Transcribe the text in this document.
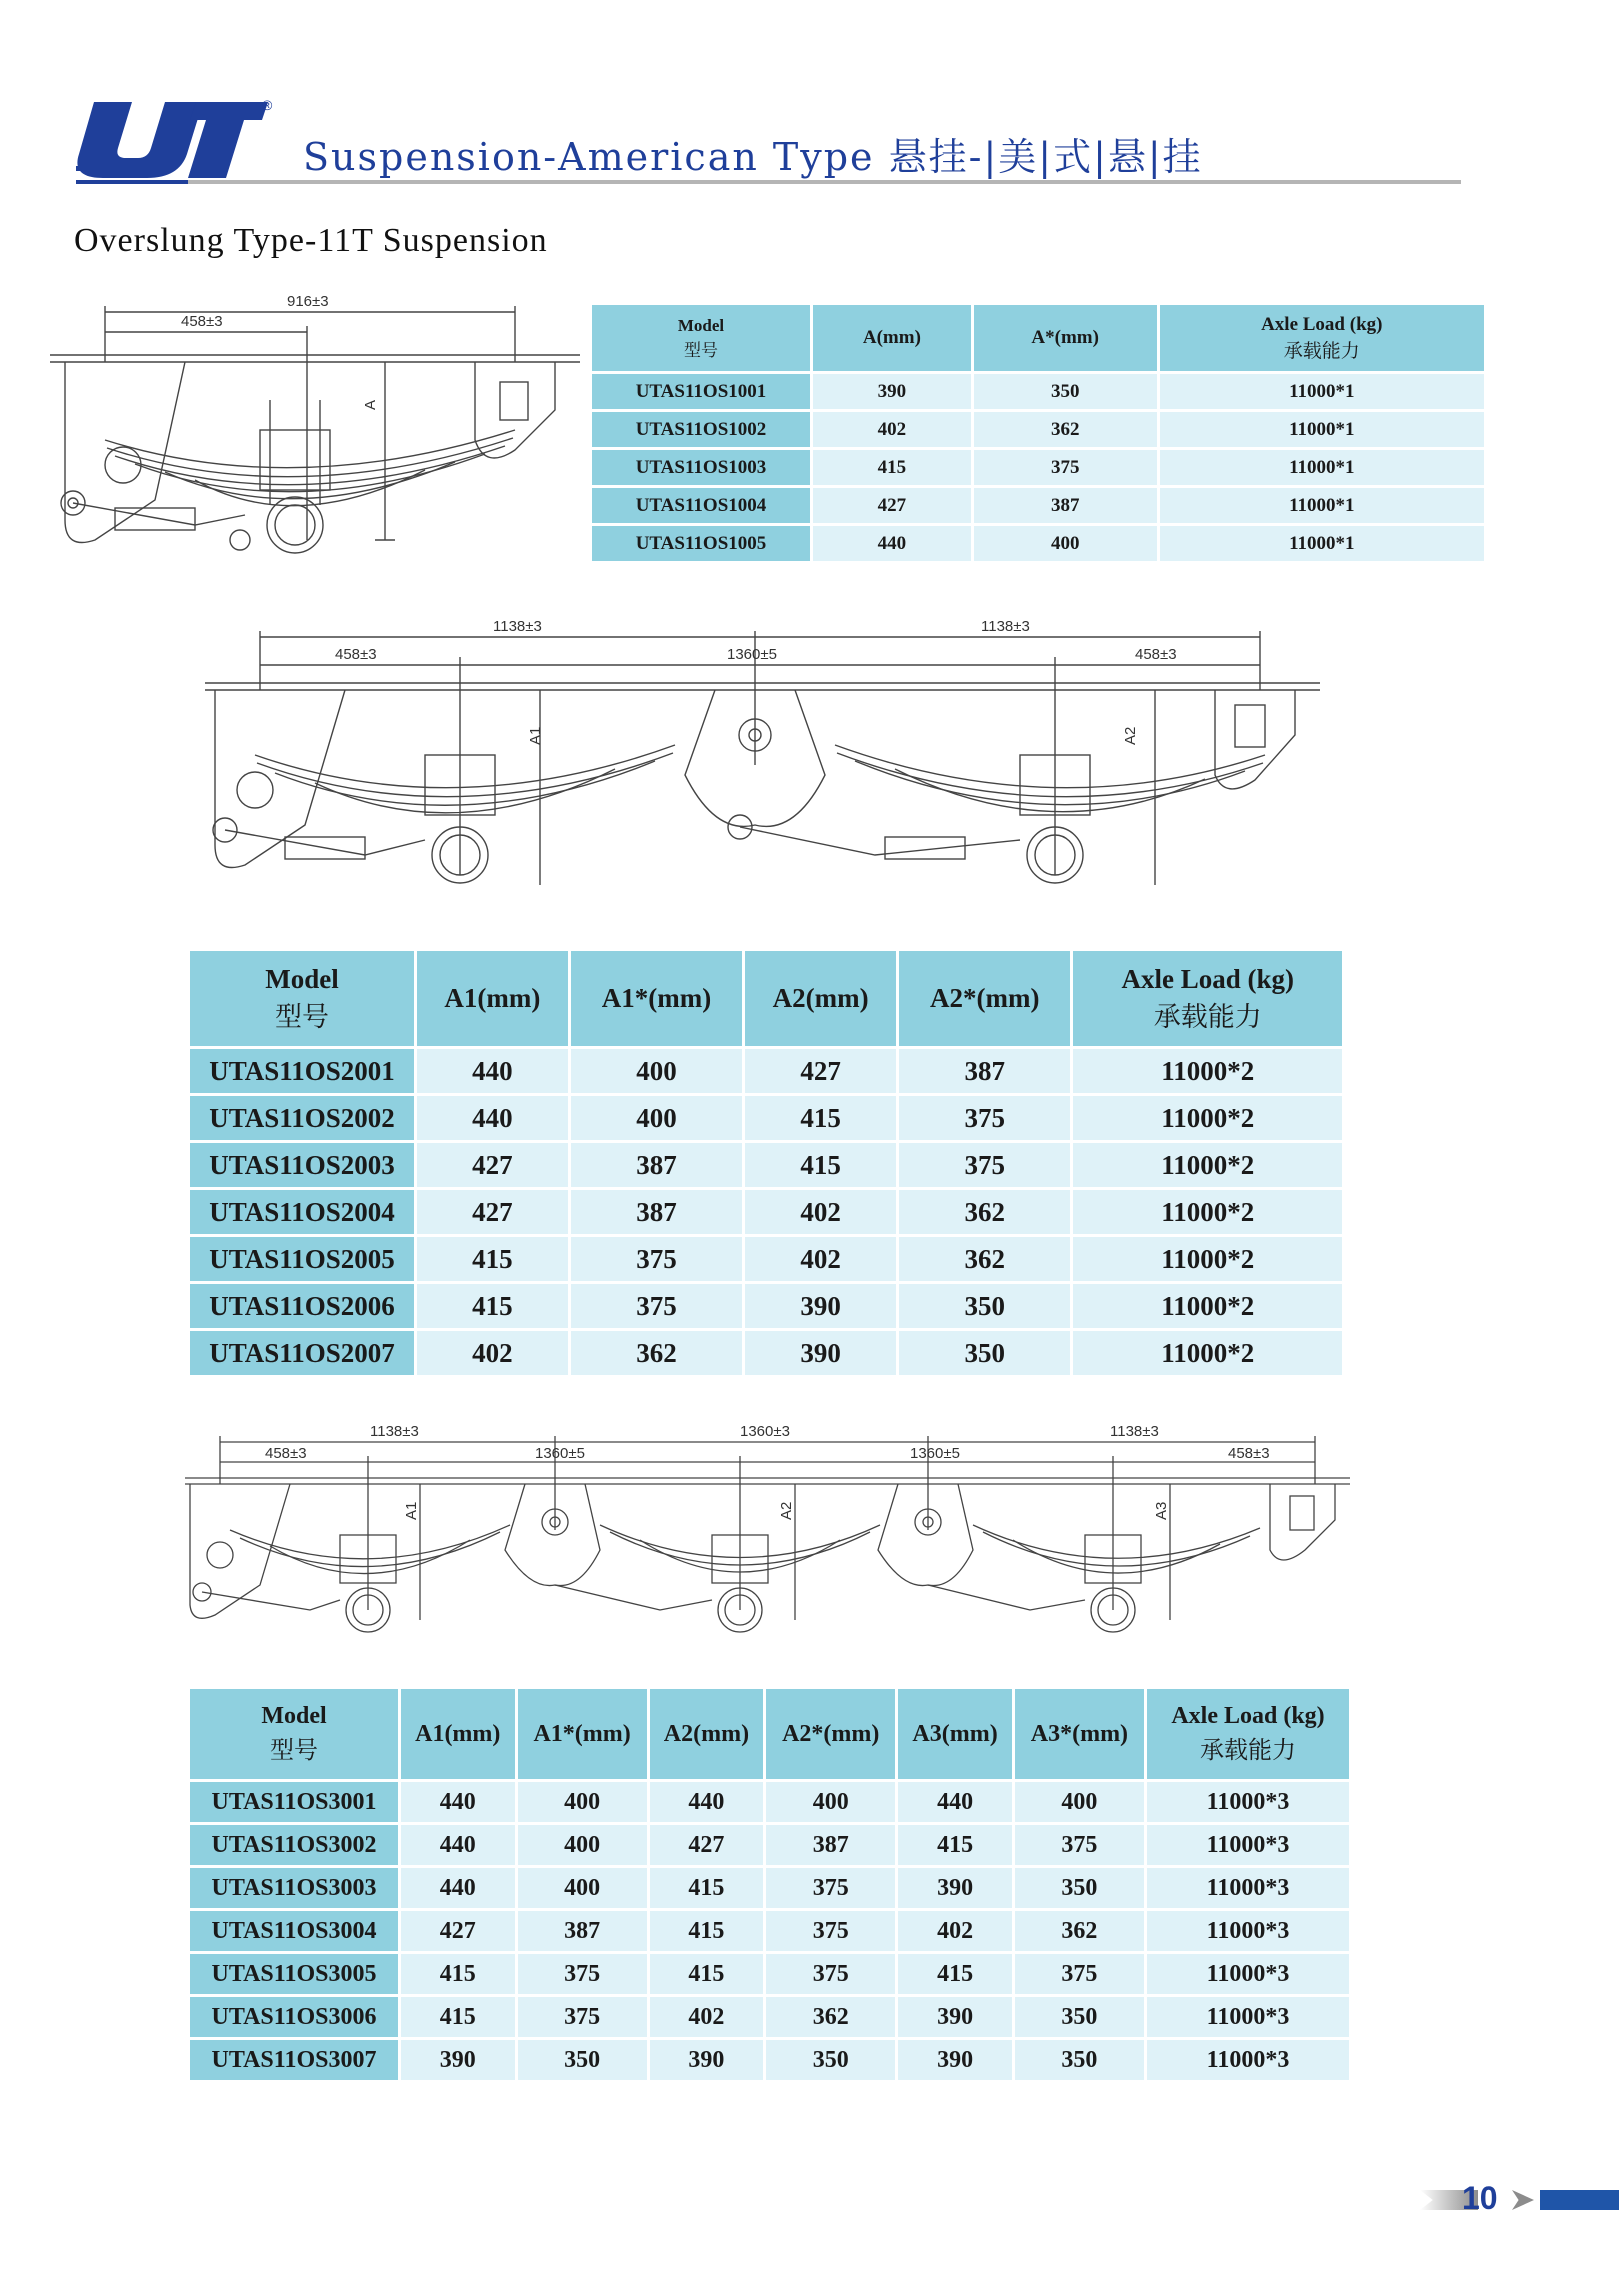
®
Suspension-American Type 悬挂-|美|式|悬|挂
Overslung Type-11T Suspension
916±3
458±3
A
Model
型号	A(mm)	A*(mm)	Axle Load (kg)
承载能力

UTAS11OS1001	390	350	11000*1
UTAS11OS1002	402	362	11000*1
UTAS11OS1003	415	375	11000*1
UTAS11OS1004	427	387	11000*1
UTAS11OS1005	440	400	11000*1
1138±3	1138±3
458±3	1360±5	458±3
A1	A2
Model
型号	A1(mm)	A1*(mm)	A2(mm)	A2*(mm)	Axle Load (kg)
承载能力

UTAS11OS2001	440	400	427	387	11000*2
UTAS11OS2002	440	400	415	375	11000*2
UTAS11OS2003	427	387	415	375	11000*2
UTAS11OS2004	427	387	402	362	11000*2
UTAS11OS2005	415	375	402	362	11000*2
UTAS11OS2006	415	375	390	350	11000*2
UTAS11OS2007	402	362	390	350	11000*2
1138±3	1360±3	1138±3
458±3	1360±5	1360±5	458±3
A1	A2	A3
Model
型号	A1(mm)	A1*(mm)	A2(mm)	A2*(mm)	A3(mm)	A3*(mm)	Axle Load (kg)
承载能力

UTAS11OS3001	440	400	440	400	440	400	11000*3
UTAS11OS3002	440	400	427	387	415	375	11000*3
UTAS11OS3003	440	400	415	375	390	350	11000*3
UTAS11OS3004	427	387	415	375	402	362	11000*3
UTAS11OS3005	415	375	415	375	415	375	11000*3
UTAS11OS3006	415	375	402	362	390	350	11000*3
UTAS11OS3007	390	350	390	350	390	350	11000*3
10
